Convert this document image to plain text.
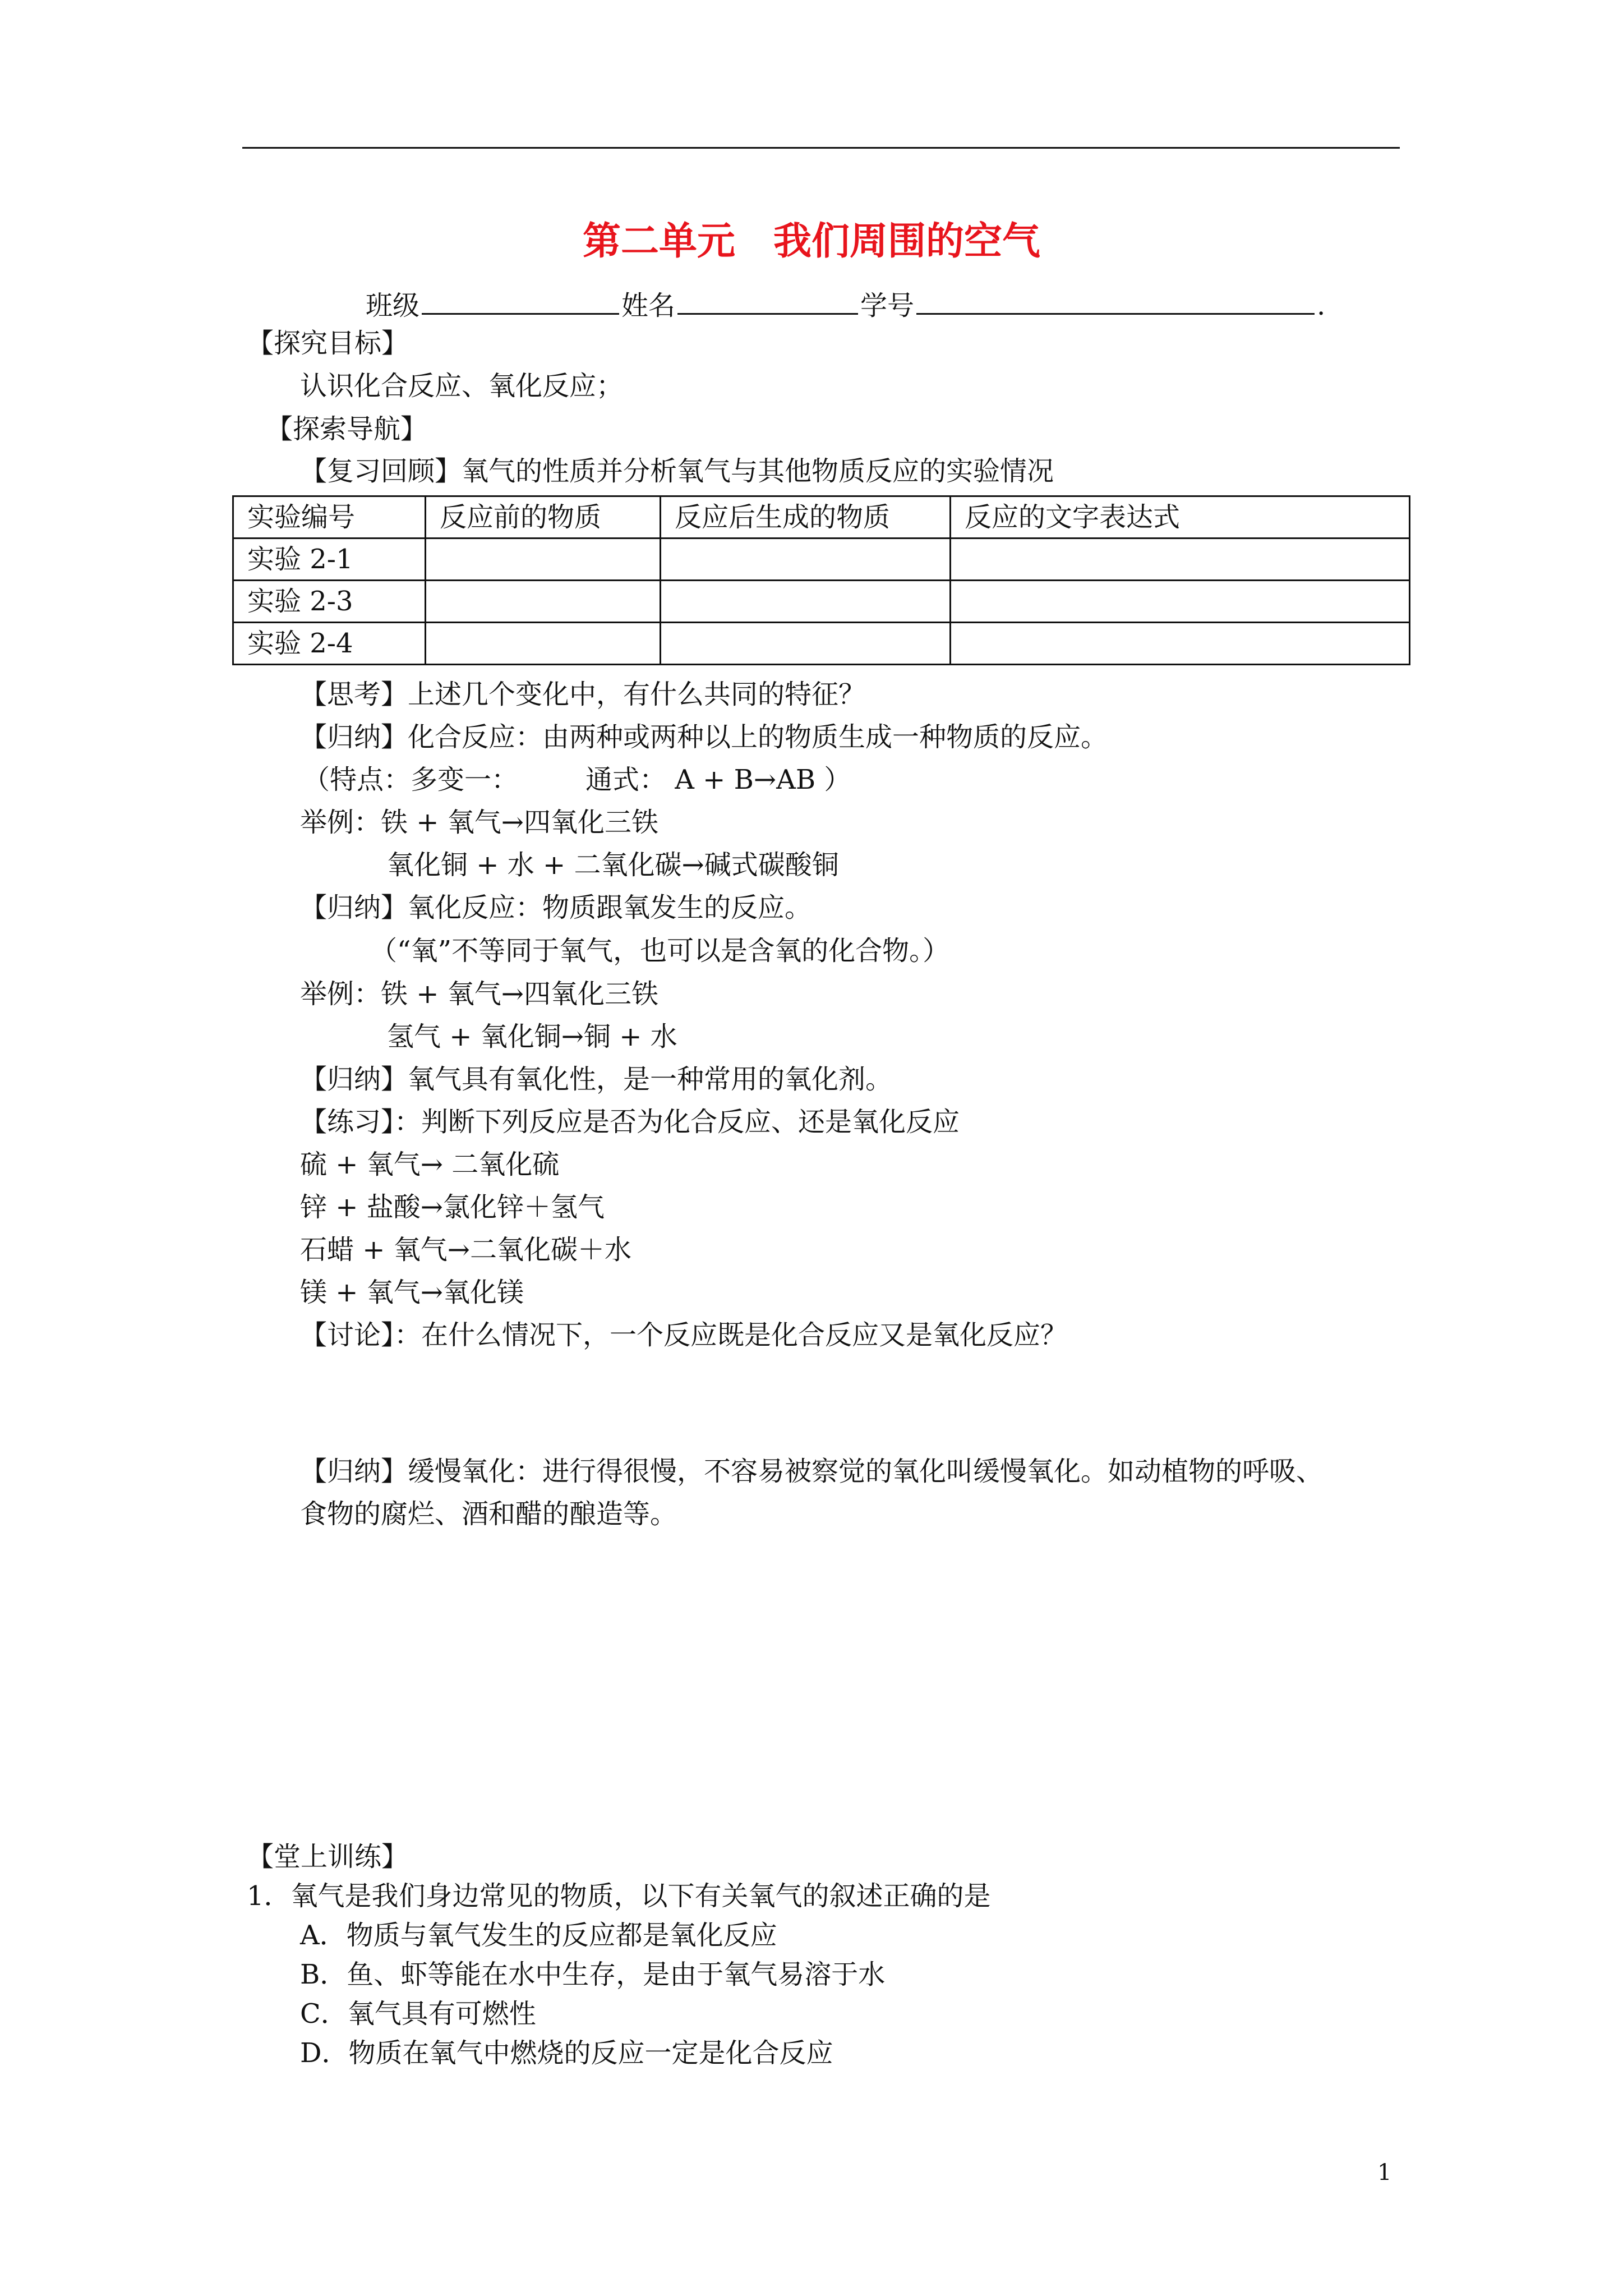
第二单元　我们周围的空气
班级	姓名	学号	.
【探究目标】
认识化合反应、氧化反应；
【探索导航】
【复习回顾】氧气的性质并分析氧气与其他物质反应的实验情况
实验编号	反应前的物质	反应后生成的物质	反应的文字表达式
实验 2-1			
实验 2-3			
实验 2-4			
【思考】上述几个变化中，有什么共同的特征？
【归纳】化合反应：由两种或两种以上的物质生成一种物质的反应。
（特点：多变一：　　　通式： A + B→AB ）
举例：铁 + 氧气→四氧化三铁
氧化铜 + 水 + 二氧化碳→碱式碳酸铜
【归纳】氧化反应：物质跟氧发生的反应。
（“氧”不等同于氧气，也可以是含氧的化合物。）
举例：铁 + 氧气→四氧化三铁
氢气 + 氧化铜→铜 + 水
【归纳】氧气具有氧化性，是一种常用的氧化剂。
【练习】：判断下列反应是否为化合反应、还是氧化反应
硫 + 氧气→ 二氧化硫
锌 + 盐酸→氯化锌＋氢气
石蜡 + 氧气→二氧化碳＋水
镁 + 氧气→氧化镁
【讨论】：在什么情况下，一个反应既是化合反应又是氧化反应？
【归纳】缓慢氧化：进行得很慢，不容易被察觉的氧化叫缓慢氧化。如动植物的呼吸、
食物的腐烂、酒和醋的酿造等。
【堂上训练】
1．氧气是我们身边常见的物质，以下有关氧气的叙述正确的是
A．物质与氧气发生的反应都是氧化反应
B．鱼、虾等能在水中生存，是由于氧气易溶于水
C．氧气具有可燃性
D．物质在氧气中燃烧的反应一定是化合反应
1
